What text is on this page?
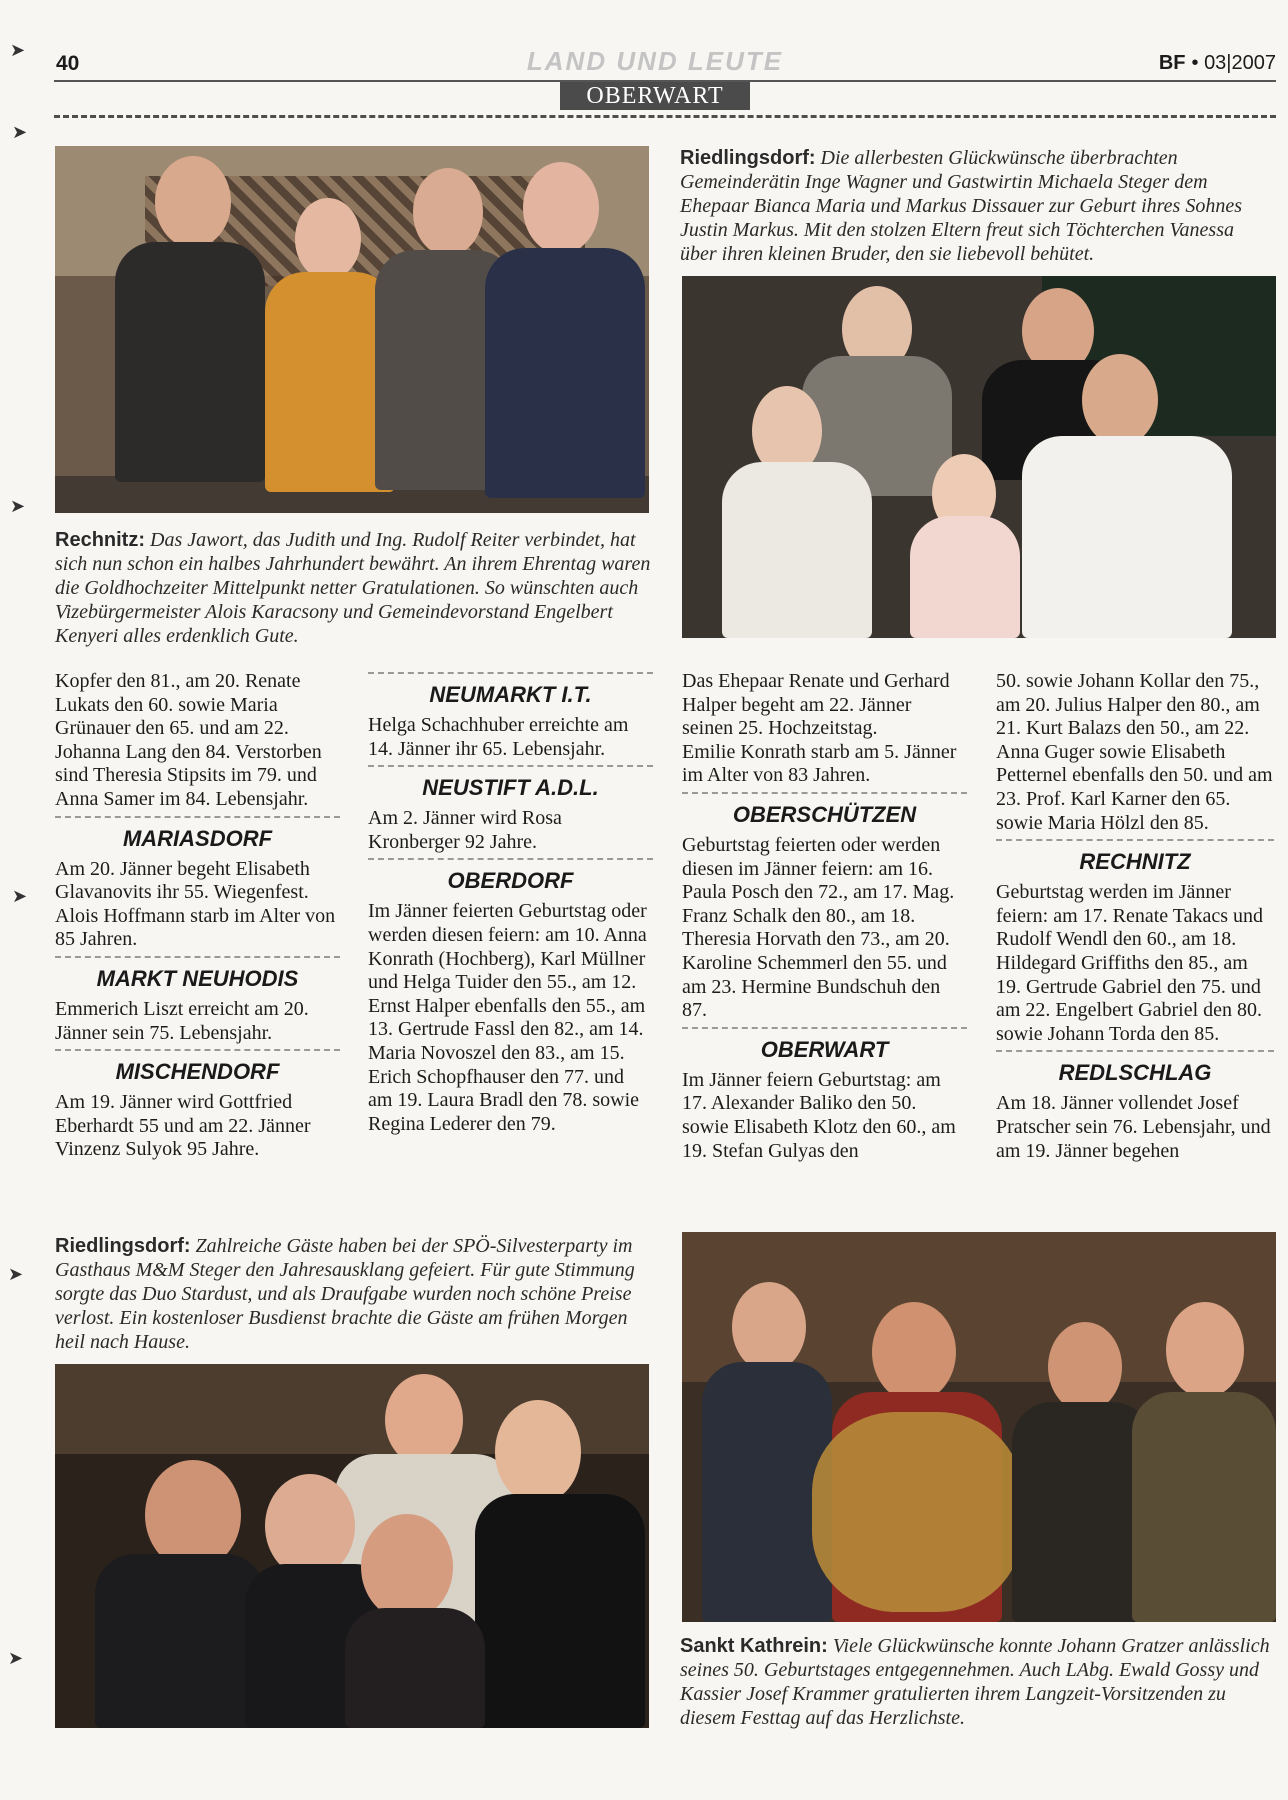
40	LAND UND LEUTE	BF • 03|2007
OBERWART
➤
➤
➤
➤
➤
➤
Rechnitz: Das Jawort, das Judith und Ing. Rudolf Reiter verbindet, hat sich nun schon ein halbes Jahrhundert bewährt. An ihrem Ehrentag waren die Goldhochzeiter Mittelpunkt netter Gratulationen. So wünschten auch Vizebürgermeister Alois Karacsony und Gemeindevorstand Engelbert Kenyeri alles erdenklich Gute.
Riedlingsdorf: Die allerbesten Glückwünsche überbrachten Gemeinderätin Inge Wagner und Gastwirtin Michaela Steger dem Ehepaar Bianca Maria und Markus Dissauer zur Geburt ihres Sohnes Justin Markus. Mit den stolzen Eltern freut sich Töchterchen Vanessa über ihren kleinen Bruder, den sie liebevoll behütet.

Kopfer den 81., am 20. Renate Lukats den 60. sowie Maria Grünauer den 65. und am 22. Johanna Lang den 84. Verstorben sind Theresia Stipsits im 79. und Anna Samer im 84. Lebensjahr.

MARIASDORF

Am 20. Jänner begeht Elisabeth Glavanovits ihr 55. Wiegenfest.
Alois Hoffmann starb im Alter von 85 Jahren.

MARKT NEUHODIS

Emmerich Liszt erreicht am 20. Jänner sein 75. Lebensjahr.

MISCHENDORF

Am 19. Jänner wird Gottfried Eberhardt 55 und am 22. Jänner Vinzenz Sulyok 95 Jahre.

NEUMARKT I.T.

Helga Schachhuber erreichte am 14. Jänner ihr 65. Lebensjahr.

NEUSTIFT A.D.L.

Am 2. Jänner wird Rosa Kronberger 92 Jahre.

OBERDORF

Im Jänner feierten Geburtstag oder werden diesen feiern: am 10. Anna Konrath (Hochberg), Karl Müllner und Helga Tuider den 55., am 12. Ernst Halper ebenfalls den 55., am 13. Gertrude Fassl den 82., am 14. Maria Novoszel den 83., am 15. Erich Schopfhauser den 77. und am 19. Laura Bradl den 78. sowie Regina Lederer den 79.

Das Ehepaar Renate und Gerhard Halper begeht am 22. Jänner seinen 25. Hochzeitstag.
Emilie Konrath starb am 5. Jänner im Alter von 83 Jahren.

OBERSCHÜTZEN

Geburtstag feierten oder werden diesen im Jänner feiern: am 16. Paula Posch den 72., am 17. Mag. Franz Schalk den 80., am 18. Theresia Horvath den 73., am 20. Karoline Schemmerl den 55. und am 23. Hermine Bundschuh den 87.

OBERWART

Im Jänner feiern Geburtstag: am 17. Alexander Baliko den 50. sowie Elisabeth Klotz den 60., am 19. Stefan Gulyas den

50. sowie Johann Kollar den 75., am 20. Julius Halper den 80., am 21. Kurt Balazs den 50., am 22. Anna Guger sowie Elisabeth Petternel ebenfalls den 50. und am 23. Prof. Karl Karner den 65. sowie Maria Hölzl den 85.

RECHNITZ

Geburtstag werden im Jänner feiern: am 17. Renate Takacs und Rudolf Wendl den 60., am 18. Hildegard Griffiths den 85., am 19. Gertrude Gabriel den 75. und am 22. Engelbert Gabriel den 80. sowie Johann Torda den 85.

REDLSCHLAG

Am 18. Jänner vollendet Josef Pratscher sein 76. Lebensjahr, und am 19. Jänner begehen

Riedlingsdorf: Zahlreiche Gäste haben bei der SPÖ-Silvesterparty im Gasthaus M&M Steger den Jahresausklang gefeiert. Für gute Stimmung sorgte das Duo Stardust, und als Draufgabe wurden noch schöne Preise verlost. Ein kostenloser Busdienst brachte die Gäste am frühen Morgen heil nach Hause.
Sankt Kathrein: Viele Glückwünsche konnte Johann Gratzer anlässlich seines 50. Geburtstages entgegennehmen. Auch LAbg. Ewald Gossy und Kassier Josef Krammer gratulierten ihrem Langzeit-Vorsitzenden zu diesem Festtag auf das Herzlichste.
